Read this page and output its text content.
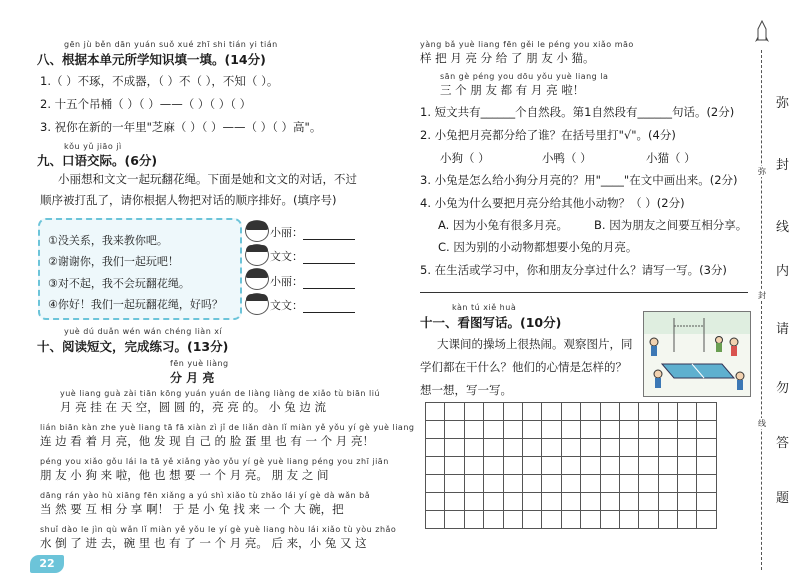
gēn jù běn dān yuán suǒ xué zhī shi tián yi tián
八、根据本单元所学知识填一填。(14分)
1.（ ）不琢，不成器，（ ）不（ ），不知（ ）。
2. 十五个吊桶（ ）（ ）——（ ）（ ）（ ）
3. 祝你在新的一年里"芝麻（ ）（ ）——（ ）（ ）高"。
kǒu yǔ jiāo jì
九、口语交际。(6分)
小丽想和文文一起玩翻花绳。下面是她和文文的对话，不过
顺序被打乱了，请你根据人物把对话的顺序排好。(填序号)
①没关系，我来教你吧。
②谢谢你，我们一起玩吧！
③对不起，我不会玩翻花绳。
④你好！我们一起玩翻花绳，好吗？
小丽：
文文：
小丽：
文文：
yuè dú duǎn wén wán chéng liàn xí
十、阅读短文，完成练习。(13分)
fēn yuè liàng
分 月 亮
yuè liang guà zài tiān kōng yuán yuán de liàng liàng de xiǎo tù biān liú
月 亮 挂 在 天 空，圆 圆 的，亮 亮 的。 小 兔 边 流
lián biān kàn zhe yuè liang tā fā xiàn zì jǐ de liǎn dàn lǐ miàn yě yǒu yí gè yuè liang
连 边 看 着 月 亮，他 发 现 自 己 的 脸 蛋 里 也 有 一 个 月 亮！
péng you xiǎo gǒu lái la tā yě xiǎng yào yǒu yí gè yuè liang péng you zhī jiān
朋 友 小 狗 来 啦，他 也 想 要 一 个 月 亮。 朋 友 之 间
dāng rán yào hù xiāng fēn xiǎng a yú shì xiǎo tù zhǎo lái yí gè dà wǎn bǎ
当 然 要 互 相 分 享 啊！ 于 是 小 兔 找 来 一 个 大 碗，把
shuǐ dào le jìn qù wǎn lǐ miàn yě yǒu le yí gè yuè liang hòu lái xiǎo tù yòu zhǎo
水 倒 了 进 去，碗 里 也 有 了 一 个 月 亮。 后 来，小 兔 又 这
22
yàng bǎ yuè liang fēn gěi le péng you xiǎo māo
样 把 月 亮 分 给 了 朋 友 小 猫。
sān gè péng you dōu yǒu yuè liang la
三 个 朋 友 都 有 月 亮 啦！
1. 短文共有______个自然段。第1自然段有______句话。(2分)
2. 小兔把月亮都分给了谁？在括号里打"√"。(4分)
小狗（ ）	小鸭（ ）	小猫（ ）
3. 小兔是怎么给小狗分月亮的？用"____"在文中画出来。(2分)
4. 小兔为什么要把月亮分给其他小动物？（ ）(2分)
A. 因为小兔有很多月亮。 B. 因为朋友之间要互相分享。
C. 因为别的小动物都想要小兔的月亮。
5. 在生活或学习中，你和朋友分享过什么？请写一写。(3分)
kàn tú xiě huà
十一、看图写话。(10分)
大课间的操场上很热闹。观察图片，同
学们都在干什么？他们的心情是怎样的？
想一想，写一写。

弥
封
线
内
请
勿
答
题
弥
封
线
